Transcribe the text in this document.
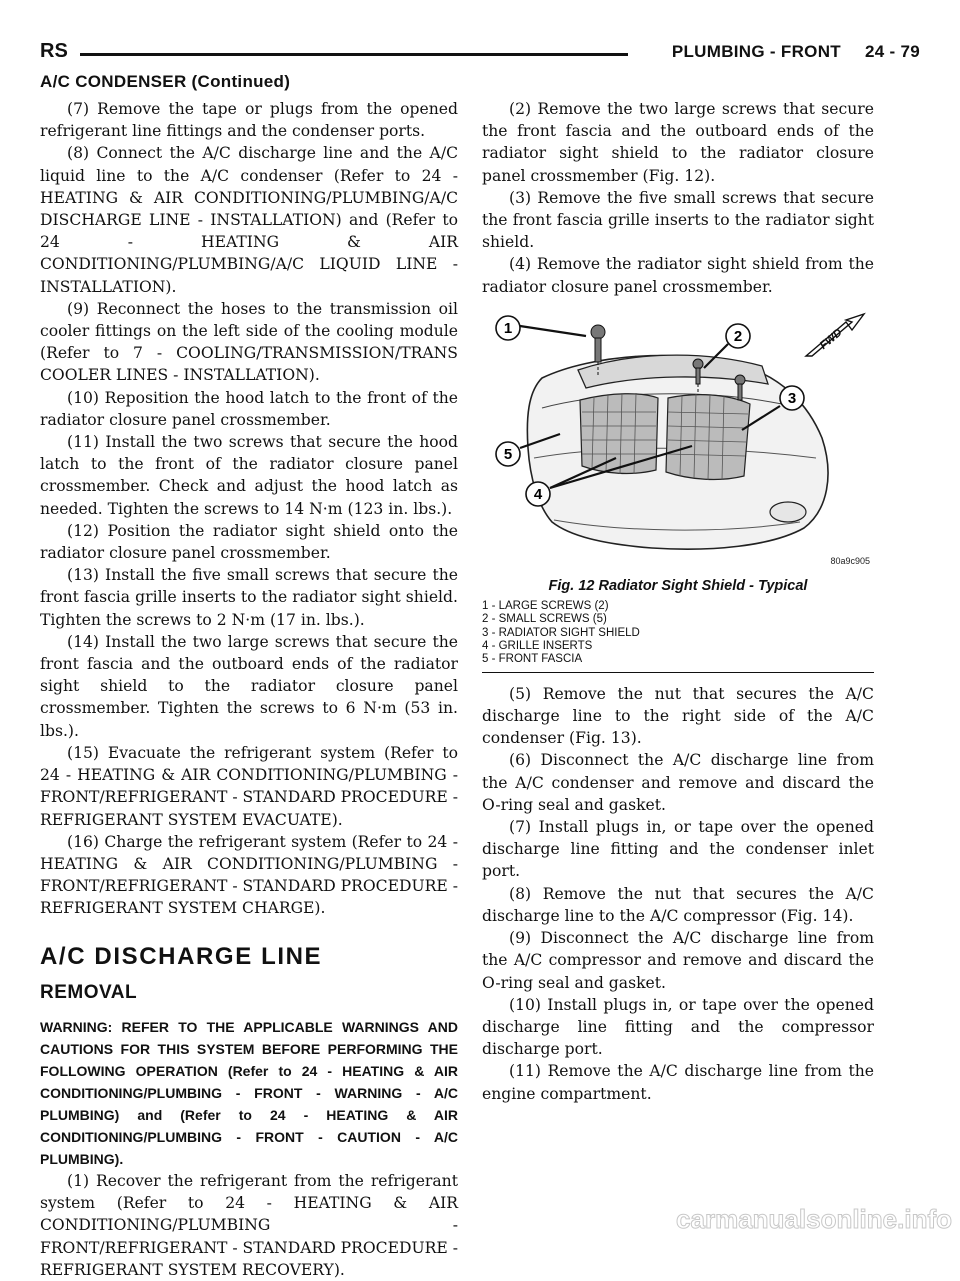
RS	PLUMBING - FRONT 24 - 79
A/C CONDENSER (Continued)

(7) Remove the tape or plugs from the opened refrigerant line fittings and the condenser ports.

(8) Connect the A/C discharge line and the A/C liquid line to the A/C condenser (Refer to 24 - HEATING & AIR CONDITIONING/PLUMBING/A/C DISCHARGE LINE - INSTALLATION) and (Refer to 24 - HEATING & AIR CONDITIONING/PLUMBING/A/C LIQUID LINE - INSTALLATION).

(9) Reconnect the hoses to the transmission oil cooler fittings on the left side of the cooling module (Refer to 7 - COOLING/TRANSMISSION/TRANS COOLER LINES - INSTALLATION).

(10) Reposition the hood latch to the front of the radiator closure panel crossmember.

(11) Install the two screws that secure the hood latch to the front of the radiator closure panel crossmember. Check and adjust the hood latch as needed. Tighten the screws to 14 N·m (123 in. lbs.).

(12) Position the radiator sight shield onto the radiator closure panel crossmember.

(13) Install the five small screws that secure the front fascia grille inserts to the radiator sight shield. Tighten the screws to 2 N·m (17 in. lbs.).

(14) Install the two large screws that secure the front fascia and the outboard ends of the radiator sight shield to the radiator closure panel crossmember. Tighten the screws to 6 N·m (53 in. lbs.).

(15) Evacuate the refrigerant system (Refer to 24 - HEATING & AIR CONDITIONING/PLUMBING - FRONT/REFRIGERANT - STANDARD PROCEDURE - REFRIGERANT SYSTEM EVACUATE).

(16) Charge the refrigerant system (Refer to 24 - HEATING & AIR CONDITIONING/PLUMBING - FRONT/REFRIGERANT - STANDARD PROCEDURE - REFRIGERANT SYSTEM CHARGE).

A/C DISCHARGE LINE
REMOVAL

WARNING: REFER TO THE APPLICABLE WARNINGS AND CAUTIONS FOR THIS SYSTEM BEFORE PERFORMING THE FOLLOWING OPERATION (Refer to 24 - HEATING & AIR CONDITIONING/PLUMBING - FRONT - WARNING - A/C PLUMBING) and (Refer to 24 - HEATING & AIR CONDITIONING/PLUMBING - FRONT - CAUTION - A/C PLUMBING).

(1) Recover the refrigerant from the refrigerant system (Refer to 24 - HEATING & AIR CONDITIONING/PLUMBING - FRONT/REFRIGERANT - STANDARD PROCEDURE - REFRIGERANT SYSTEM RECOVERY).

(2) Remove the two large screws that secure the front fascia and the outboard ends of the radiator sight shield to the radiator closure panel crossmember (Fig. 12).

(3) Remove the five small screws that secure the front fascia grille inserts to the radiator sight shield.

(4) Remove the radiator sight shield from the radiator closure panel crossmember.

FWD
1	2
3
4
5
80a9c905
Fig. 12 Radiator Sight Shield - Typical
1 - LARGE SCREWS (2)
2 - SMALL SCREWS (5)
3 - RADIATOR SIGHT SHIELD
4 - GRILLE INSERTS
5 - FRONT FASCIA

(5) Remove the nut that secures the A/C discharge line to the right side of the A/C condenser (Fig. 13).

(6) Disconnect the A/C discharge line from the A/C condenser and remove and discard the O-ring seal and gasket.

(7) Install plugs in, or tape over the opened discharge line fitting and the condenser inlet port.

(8) Remove the nut that secures the A/C discharge line to the A/C compressor (Fig. 14).

(9) Disconnect the A/C discharge line from the A/C compressor and remove and discard the O-ring seal and gasket.

(10) Install plugs in, or tape over the opened discharge line fitting and the compressor discharge port.

(11) Remove the A/C discharge line from the engine compartment.

carmanualsonline.info
